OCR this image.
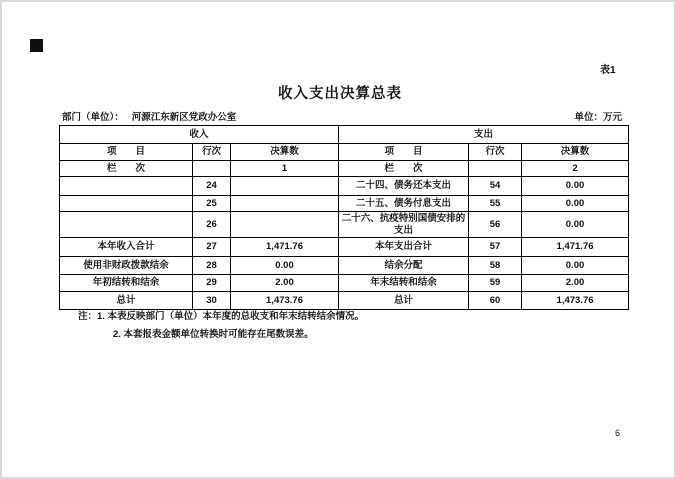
表1
收入支出决算总表
部门（单位）： 河源江东新区党政办公室	单位：万元
收入			支出		
项　　目	行次	决算数	项　　目	行次	决算数
栏　　次		1	栏　　次		2
	24		二十四、债务还本支出	54	0.00
	25		二十五、债务付息支出	55	0.00
	26		二十六、抗疫特别国债安排的支出	56	0.00
本年收入合计	27	1,471.76	本年支出合计	57	1,471.76
使用非财政拨款结余	28	0.00	结余分配	58	0.00
年初结转和结余	29	2.00	年末结转和结余	59	2.00
总计	30	1,473.76	总计	60	1,473.76
注：1. 本表反映部门（单位）本年度的总收支和年末结转结余情况。
2. 本套报表金额单位转换时可能存在尾数误差。
6
